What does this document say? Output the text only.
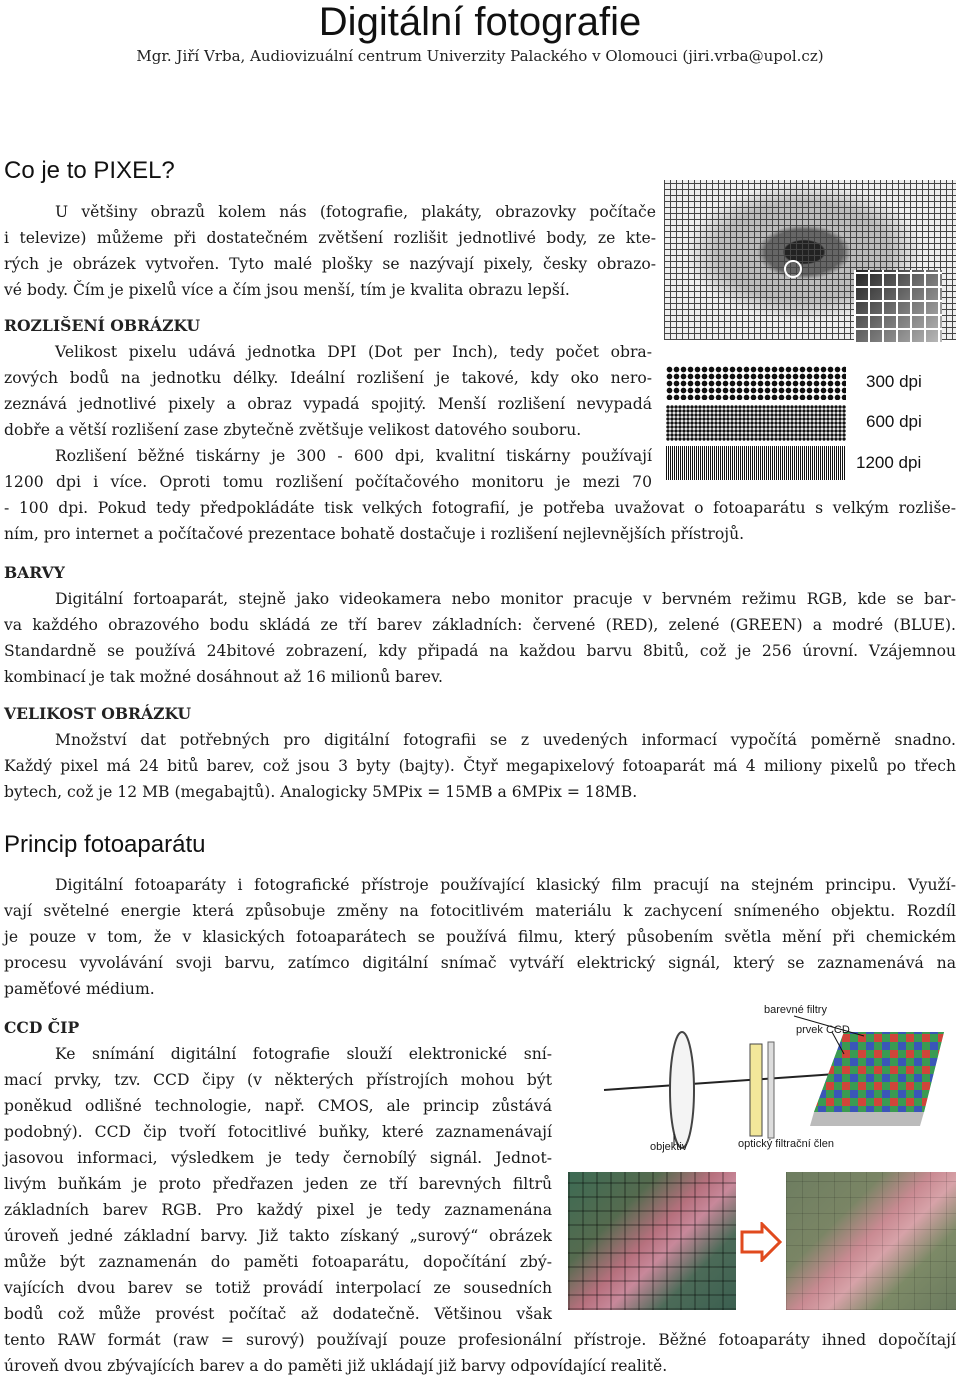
Digitální fotografie
Mgr. Jiří Vrba, Audiovizuální centrum Univerzity Palackého v Olomouci (jiri.vrba@upol.cz)
Co je to PIXEL?
300 dpi
600 dpi
1200 dpi
U většiny obrazů kolem nás (fotografie, plakáty, obrazovky počítače
i televize) můžeme při dostatečném zvětšení rozlišit jednotlivé body, ze kte-
rých je obrázek vytvořen. Tyto malé plošky se nazývají pixely, česky obrazo-
vé body. Čím je pixelů více a čím jsou menší, tím je kvalita obrazu lepší.
ROZLIŠENÍ OBRÁZKU
Velikost pixelu udává jednotka DPI (Dot per Inch), tedy počet obra-
zových bodů na jednotku délky. Ideální rozlišení je takové, kdy oko nero-
zeznává jednotlivé pixely a obraz vypadá spojitý. Menší rozlišení nevypadá
dobře a větší rozlišení zase zbytečně zvětšuje velikost datového souboru.
Rozlišení běžné tiskárny je 300 - 600 dpi, kvalitní tiskárny používají
1200 dpi i více. Oproti tomu rozlišení počítačového monitoru je mezi 70
- 100 dpi. Pokud tedy předpokládáte tisk velkých fotografií, je potřeba uvažovat o fotoaparátu s velkým rozliše-
ním, pro internet a počítačové prezentace bohatě dostačuje i rozlišení nejlevnějších přístrojů.
BARVY
Digitální fortoaparát, stejně jako videokamera nebo monitor pracuje v bervném režimu RGB, kde se bar-
va každého obrazového bodu skládá ze tří barev základních: červené (RED), zelené (GREEN) a modré (BLUE).
Standardně se používá 24bitové zobrazení, kdy připadá na každou barvu 8bitů, což je 256 úrovní. Vzájemnou
kombinací je tak možné dosáhnout až 16 milionů barev.
VELIKOST OBRÁZKU
Množství dat potřebných pro digitální fotografii se z uvedených informací vypočítá poměrně snadno.
Každý pixel má 24 bitů barev, což jsou 3 byty (bajty). Čtyř megapixelový fotoaparát má 4 miliony pixelů po třech
bytech, což je 12 MB (megabajtů). Analogicky 5MPix = 15MB a 6MPix = 18MB.
Princip fotoaparátu
Digitální fotoaparáty i fotografické přístroje používající klasický film pracují na stejném principu. Využí-
vají světelné energie která způsobuje změny na fotocitlivém materiálu k zachycení snímeného objektu. Rozdíl
je pouze v tom, že v klasických fotoaparátech se používá filmu, který působením světla mění při chemickém
procesu vyvolávání svoji barvu, zatímco digitální snímač vytváří elektrický signál, který se zaznamenává na
paměťové médium.
barevné filtry
prvek CCD
objektiv	optický filtrační člen
CCD ČIP
Ke snímání digitální fotografie slouží elektronické sní-
mací prvky, tzv. CCD čipy (v některých přístrojích mohou být
poněkud odlišné technologie, např. CMOS, ale princip zůstává
podobný). CCD čip tvoří fotocitlivé buňky, které zaznamenávají
jasovou informaci, výsledkem je tedy černobílý signál. Jednot-
livým buňkám je proto předřazen jeden ze tří barevných filtrů
základních barev RGB. Pro každý pixel je tedy zaznamenána
úroveň jedné základní barvy. Již takto získaný „surový“ obrázek
může být zaznamenán do paměti fotoaparátu, dopočítání zbý-
vajících dvou barev se totiž provádí interpolací ze sousedních
bodů což může provést počítač až dodatečně. Většinou však
tento RAW formát (raw = surový) používají pouze profesionální přístroje. Běžné fotoaparáty ihned dopočítají
úroveň dvou zbývajících barev a do paměti již ukládají již barvy odpovídající realitě.
